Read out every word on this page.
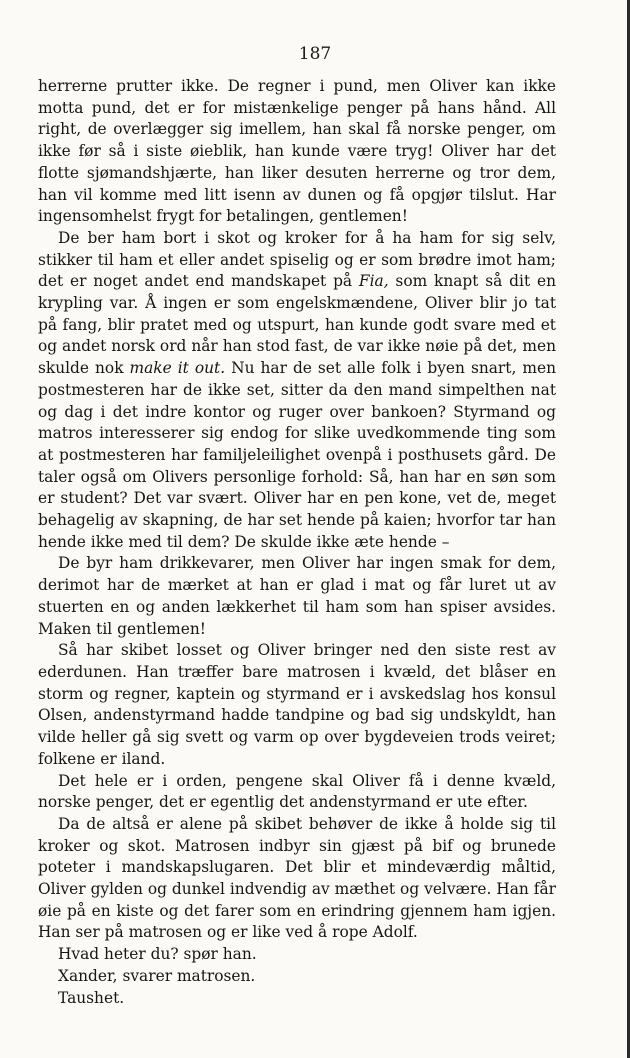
187

herrerne prutter ikke. De regner i pund, men Oliver kan ikke motta pund, det er for mistænkelige penger på hans hånd. All right, de overlægger sig imellem, han skal få norske penger, om ikke før så i siste øieblik, han kunde være tryg! Oliver har det flotte sjømandshjærte, han liker desuten herrerne og tror dem, han vil komme med litt isenn av dunen og få opgjør tilslut. Har ingensomhelst frygt for betalingen, gentlemen!

De ber ham bort i skot og kroker for å ha ham for sig selv, stikker til ham et eller andet spiselig og er som brødre imot ham; det er noget andet end mandskapet på Fia, som knapt så dit en krypling var. Å ingen er som engelskmændene, Oliver blir jo tat på fang, blir pratet med og utspurt, han kunde godt svare med et og andet norsk ord når han stod fast, de var ikke nøie på det, men skulde nok make it out. Nu har de set alle folk i byen snart, men postmesteren har de ikke set, sitter da den mand simpelthen nat og dag i det indre kontor og ruger over bankoen? Styrmand og matros interesserer sig endog for slike uvedkommende ting som at postmesteren har familjeleilighet ovenpå i posthusets gård. De taler også om Olivers personlige forhold: Så, han har en søn som er student? Det var svært. Oliver har en pen kone, vet de, meget behagelig av skapning, de har set hende på kaien; hvorfor tar han hende ikke med til dem? De skulde ikke æte hende –

De byr ham drikkevarer, men Oliver har ingen smak for dem, derimot har de mærket at han er glad i mat og får luret ut av stuerten en og anden lækkerhet til ham som han spiser avsides. Maken til gentlemen!

Så har skibet losset og Oliver bringer ned den siste rest av ederdunen. Han træffer bare matrosen i kvæld, det blåser en storm og regner, kaptein og styrmand er i avskedslag hos konsul Olsen, andenstyrmand hadde tandpine og bad sig undskyldt, han vilde heller gå sig svett og varm op over bygdeveien trods veiret; folkene er iland.

Det hele er i orden, pengene skal Oliver få i denne kvæld, norske penger, det er egentlig det andenstyrmand er ute efter.

Da de altså er alene på skibet behøver de ikke å holde sig til kroker og skot. Matrosen indbyr sin gjæst på bif og brunede poteter i mandskapslugaren. Det blir et mindeværdig måltid, Oliver gylden og dunkel indvendig av mæthet og velvære. Han får øie på en kiste og det farer som en erindring gjennem ham igjen. Han ser på matrosen og er like ved å rope Adolf.

Hvad heter du? spør han.

Xander, svarer matrosen.

Taushet.
